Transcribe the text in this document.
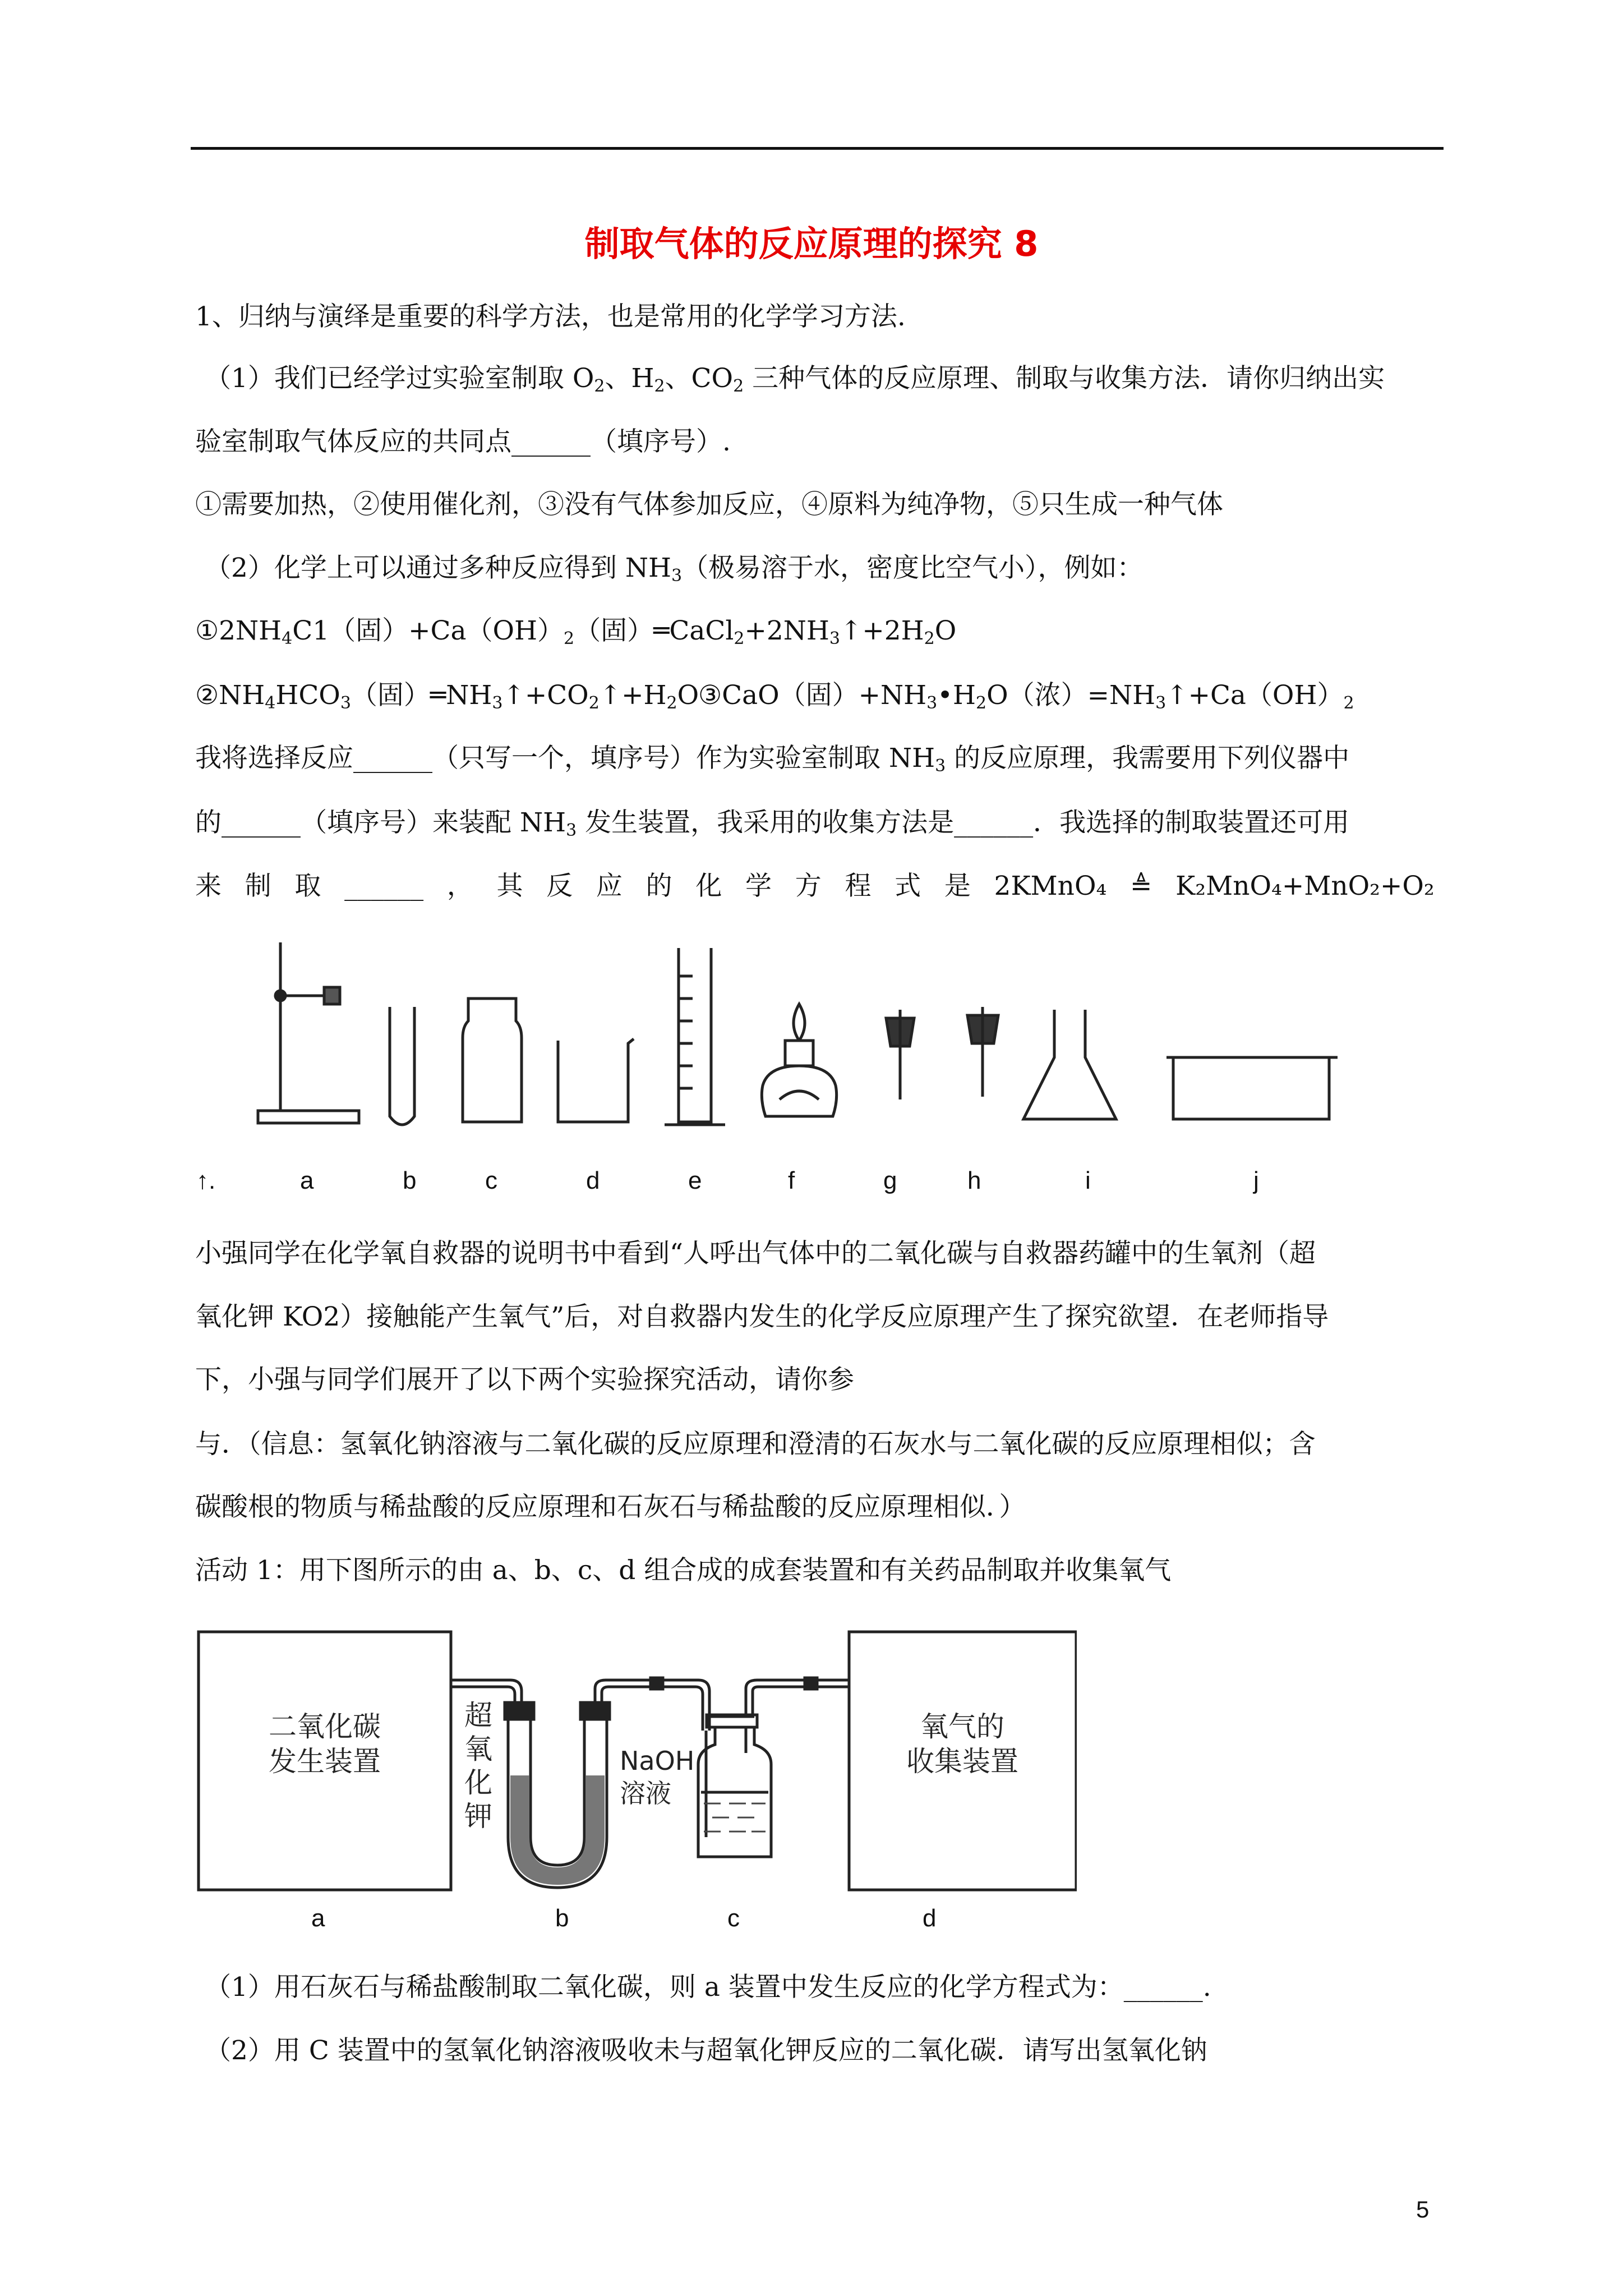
制取气体的反应原理的探究 8
1、归纳与演绎是重要的科学方法，也是常用的化学学习方法.
（1）我们已经学过实验室制取 $O_2$、$H_2$、$CO_2$ 三种气体的反应原理、制取与收集方法．请你归纳出实
验室制取气体反应的共同点______（填序号）.
①需要加热，②使用催化剂，③没有气体参加反应，④原料为纯净物，⑤只生成一种气体
（2）化学上可以通过多种反应得到 $NH_3$（极易溶于水，密度比空气小），例如：
$①2NH_4C1$（固）$+Ca(OH)_2$（固）$═CaCl_2+2NH_3↑+2H_2O$
$②NH_4HCO_3$（固）$═NH_3↑+CO_2↑+H_2O$
③CaO（固）$+NH_3•H_2O$（浓）$=NH_3↑+Ca(OH)_2$
我将选择反应______（只写一个，填序号）作为实验室制取 $NH_3$ 的反应原理，我需要用下列仪器中
的______（填序号）来装配 $NH_3$ 发生装置，我采用的收集方法是______．我选择的制取装置还可用
来 制 取 ______ ， 其 反 应 的 化 学 方 程 式 是 2KMnO₄ ≜ K₂MnO₄+MnO₂+O₂
↑.	a	b	c	d	e	f	g	h	i	j
小强同学在化学氧自救器的说明书中看到“人呼出气体中的二氧化碳与自救器药罐中的生氧剂（超
氧化钾 KO2）接触能产生氧气”后，对自救器内发生的化学反应原理产生了探究欲望．在老师指导
下，小强与同学们展开了以下两个实验探究活动，请你参
与．（信息：氢氧化钠溶液与二氧化碳的反应原理和澄清的石灰水与二氧化碳的反应原理相似；含
碳酸根的物质与稀盐酸的反应原理和石灰石与稀盐酸的反应原理相似．）
活动 1：用下图所示的由 a、b、c、d 组合成的成套装置和有关药品制取并收集氧气
二氧化碳
发生装置
氧气的
收集装置
超
氧
化
钾
NaOH
溶液
a	b	c	d
（1）用石灰石与稀盐酸制取二氧化碳，则 a 装置中发生反应的化学方程式为：______.
（2）用 C 装置中的氢氧化钠溶液吸收未与超氧化钾反应的二氧化碳．请写出氢氧化钠
5
